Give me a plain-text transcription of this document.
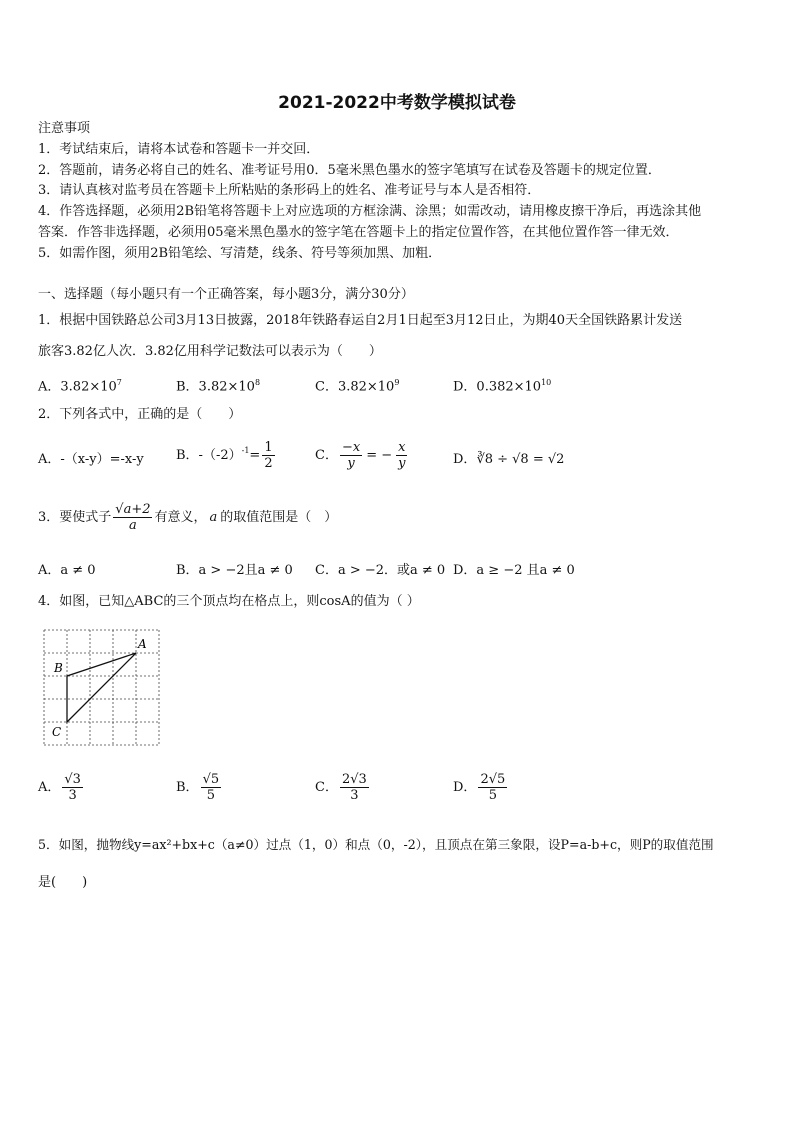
2021-2022中考数学模拟试卷
注意事项
1．考试结束后，请将本试卷和答题卡一并交回．
2．答题前，请务必将自己的姓名、准考证号用0．5毫米黑色墨水的签字笔填写在试卷及答题卡的规定位置．
3．请认真核对监考员在答题卡上所粘贴的条形码上的姓名、准考证号与本人是否相符．
4．作答选择题，必须用2B铅笔将答题卡上对应选项的方框涂满、涂黑；如需改动，请用橡皮擦干净后，再选涂其他
答案．作答非选择题，必须用05毫米黑色墨水的签字笔在答题卡上的指定位置作答，在其他位置作答一律无效．
5．如需作图，须用2B铅笔绘、写清楚，线条、符号等须加黑、加粗．
一、选择题（每小题只有一个正确答案，每小题3分，满分30分）
1．根据中国铁路总公司3月13日披露，2018年铁路春运自2月1日起至3月12日止，为期40天全国铁路累计发送
旅客3.82亿人次．3.82亿用科学记数法可以表示为（　　）
A．$3.82\times 10^7$	B．$3.82\times 10^8$	C．$3.82\times 10^9$	D．$0.382\times 10^{10}$
2．下列各式中，正确的是（　　）
A．-（x-y）=-x-y B．$-(-2)^{-1} = \frac{1}{2}$	C． $\frac{-x}{y}$ = − $\frac{x}{y}$	D．∛8 ÷ √8 = √2
3．要使式子 $\frac{√a+2}{a}$ 有意义， a 的取值范围是（　）
A．a ≠ 0	B．a > −2且a ≠ 0 C．a > −2．或a ≠ 0 D．a ≥ −2 且a ≠ 0
4．如图，已知△ABC的三个顶点均在格点上，则cosA的值为（ ）
A
B
C
A． $\frac{√3}{3}$	B． $\frac{√5}{5}$	C． $\frac{2√3}{3}$	D． $\frac{2√5}{5}$
5．如图，抛物线y=ax²+bx+c（a≠0）过点（1，0）和点（0，-2），且顶点在第三象限，设P=a-b+c，则P的取值范围
是(　　)
